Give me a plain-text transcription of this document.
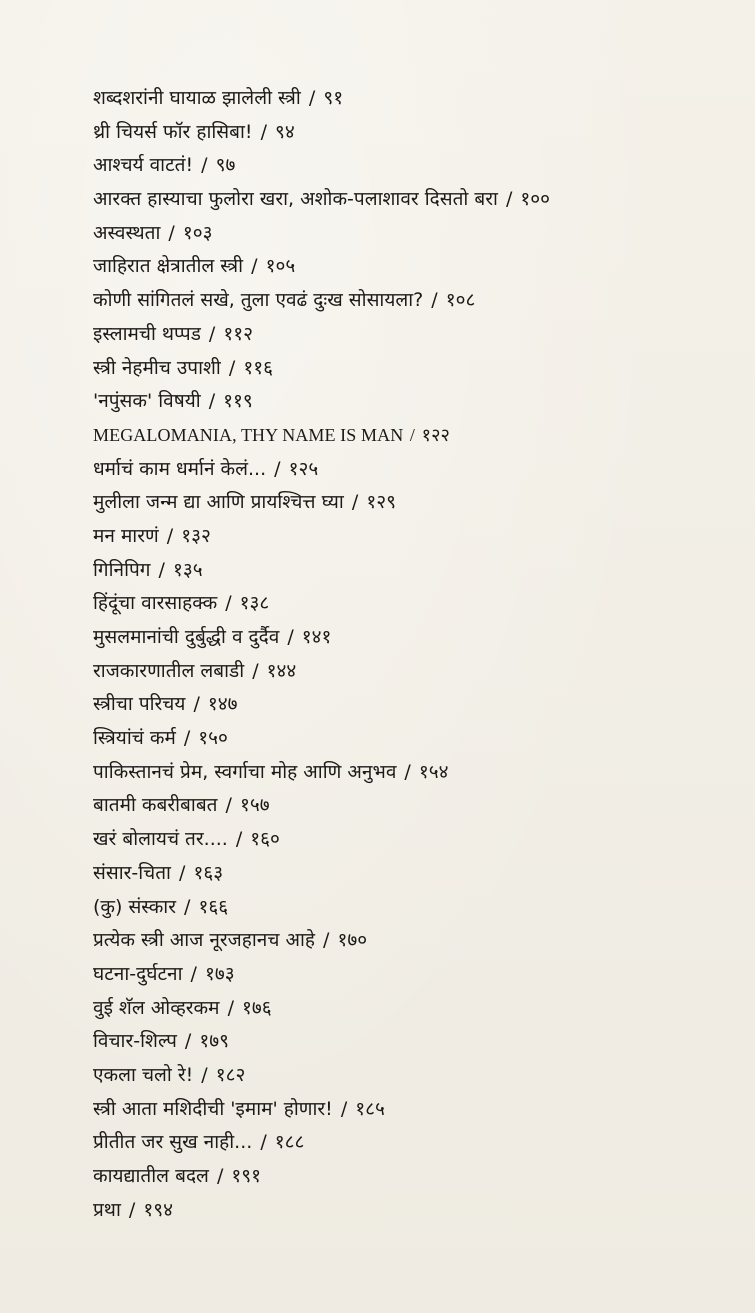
शब्दशरांनी घायाळ झालेली स्त्री / ९१
थ्री चियर्स फॉर हासिबा! / ९४
आश्चर्य वाटतं! / ९७
आरक्त हास्याचा फुलोरा खरा, अशोक-पलाशावर दिसतो बरा / १००
अस्वस्थता / १०३
जाहिरात क्षेत्रातील स्त्री / १०५
कोणी सांगितलं सखे, तुला एवढं दुःख सोसायला? / १०८
इस्लामची थप्पड / ११२
स्त्री नेहमीच उपाशी / ११६
'नपुंसक' विषयी / ११९
MEGALOMANIA, THY NAME IS MAN / १२२
धर्माचं काम धर्मानं केलं... / १२५
मुलीला जन्म द्या आणि प्रायश्चित्त घ्या / १२९
मन मारणं / १३२
गिनिपिग / १३५
हिंदूंचा वारसाहक्क / १३८
मुसलमानांची दुर्बुद्धी व दुर्दैव / १४१
राजकारणातील लबाडी / १४४
स्त्रीचा परिचय / १४७
स्त्रियांचं कर्म / १५०
पाकिस्तानचं प्रेम, स्वर्गाचा मोह आणि अनुभव / १५४
बातमी कबरीबाबत / १५७
खरं बोलायचं तर.... / १६०
संसार-चिता / १६३
(कु) संस्कार / १६६
प्रत्येक स्त्री आज नूरजहानच आहे / १७०
घटना-दुर्घटना / १७३
वुई शॅल ओव्हरकम / १७६
विचार-शिल्प / १७९
एकला चलो रे! / १८२
स्त्री आता मशिदीची 'इमाम' होणार! / १८५
प्रीतीत जर सुख नाही... / १८८
कायद्यातील बदल / १९१
प्रथा / १९४
